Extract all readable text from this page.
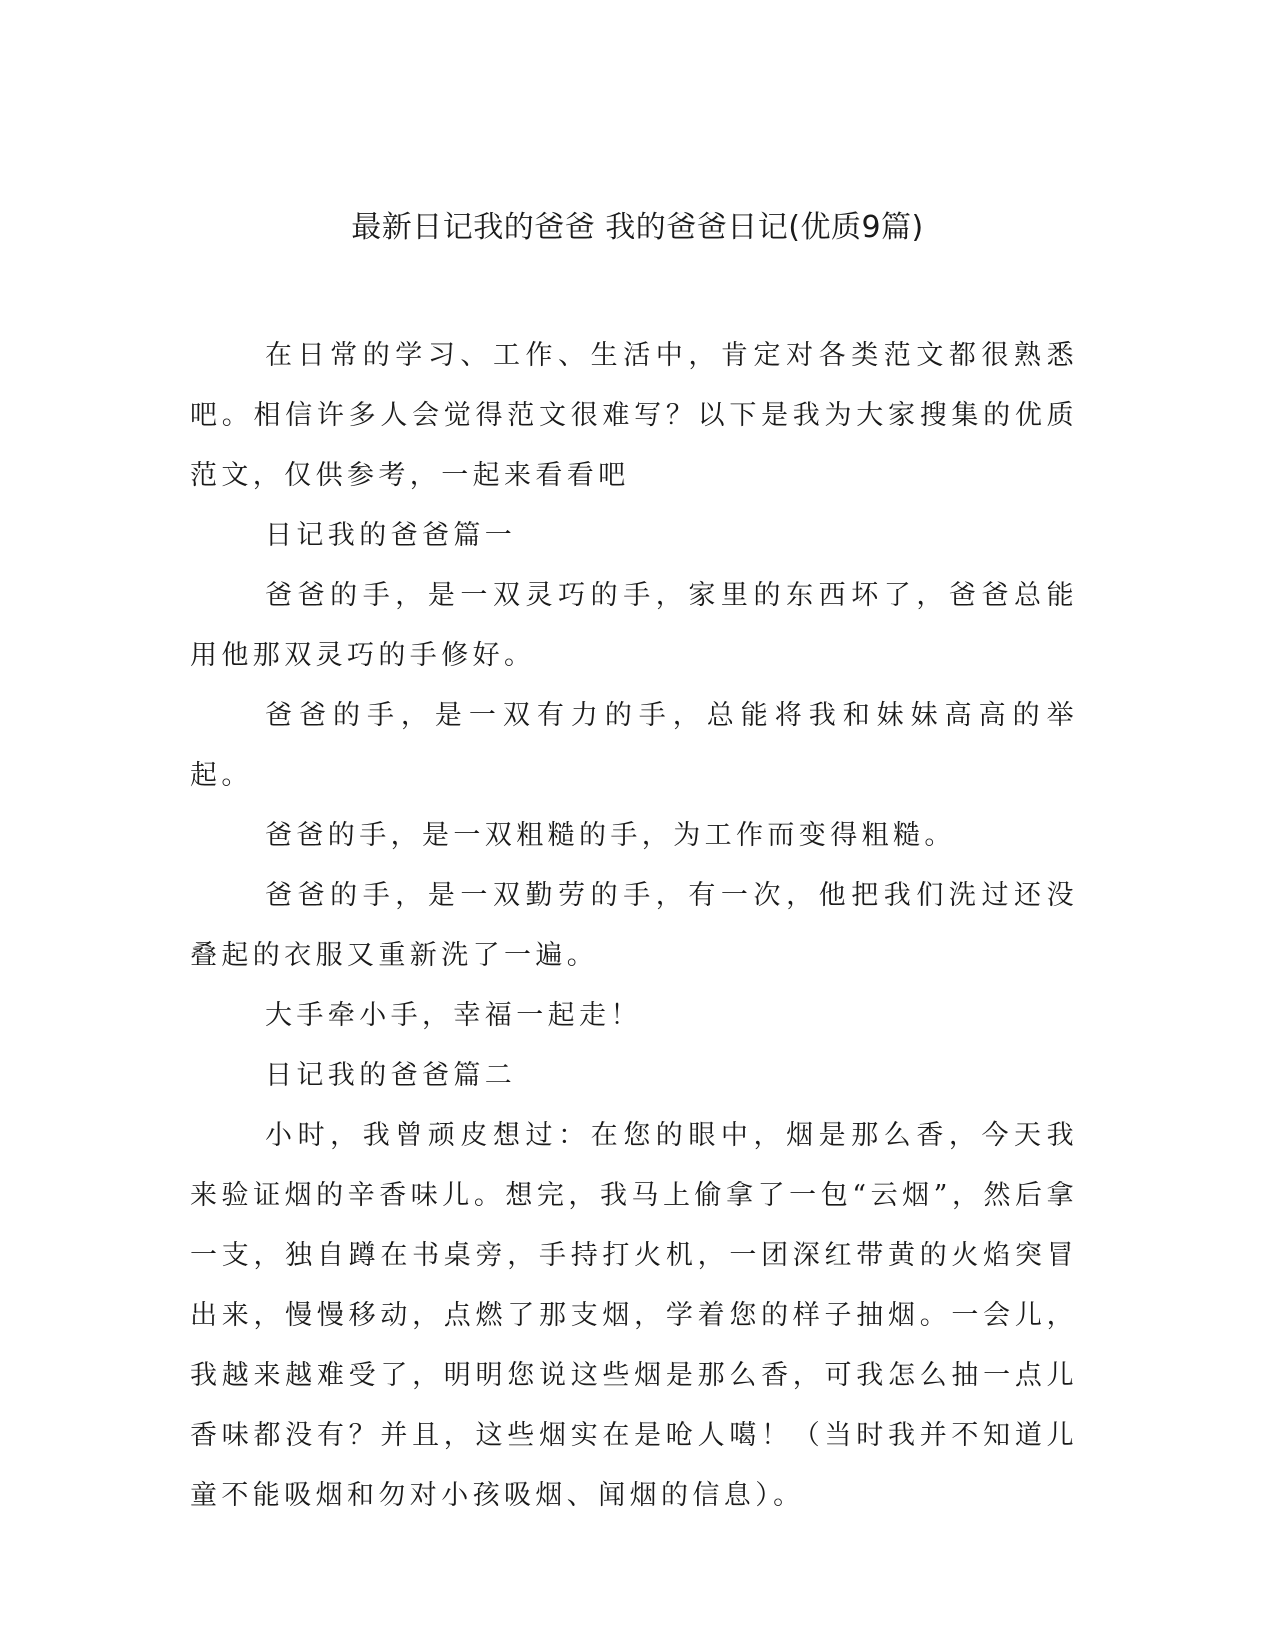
最新日记我的爸爸 我的爸爸日记(优质9篇)

在日常的学习、工作、生活中，肯定对各类范文都很熟悉吧。相信许多人会觉得范文很难写？以下是我为大家搜集的优质范文，仅供参考，一起来看看吧

日记我的爸爸篇一

爸爸的手，是一双灵巧的手，家里的东西坏了，爸爸总能用他那双灵巧的手修好。

爸爸的手，是一双有力的手，总能将我和妹妹高高的举起。

爸爸的手，是一双粗糙的手，为工作而变得粗糙。

爸爸的手，是一双勤劳的手，有一次，他把我们洗过还没叠起的衣服又重新洗了一遍。

大手牵小手，幸福一起走！

日记我的爸爸篇二

小时，我曾顽皮想过：在您的眼中，烟是那么香，今天我来验证烟的辛香味儿。想完，我马上偷拿了一包“云烟”，然后拿一支，独自蹲在书桌旁，手持打火机，一团深红带黄的火焰突冒出来，慢慢移动，点燃了那支烟，学着您的样子抽烟。一会儿，我越来越难受了，明明您说这些烟是那么香，可我怎么抽一点儿香味都没有？并且，这些烟实在是呛人噶！（当时我并不知道儿童不能吸烟和勿对小孩吸烟、闻烟的信息）。
